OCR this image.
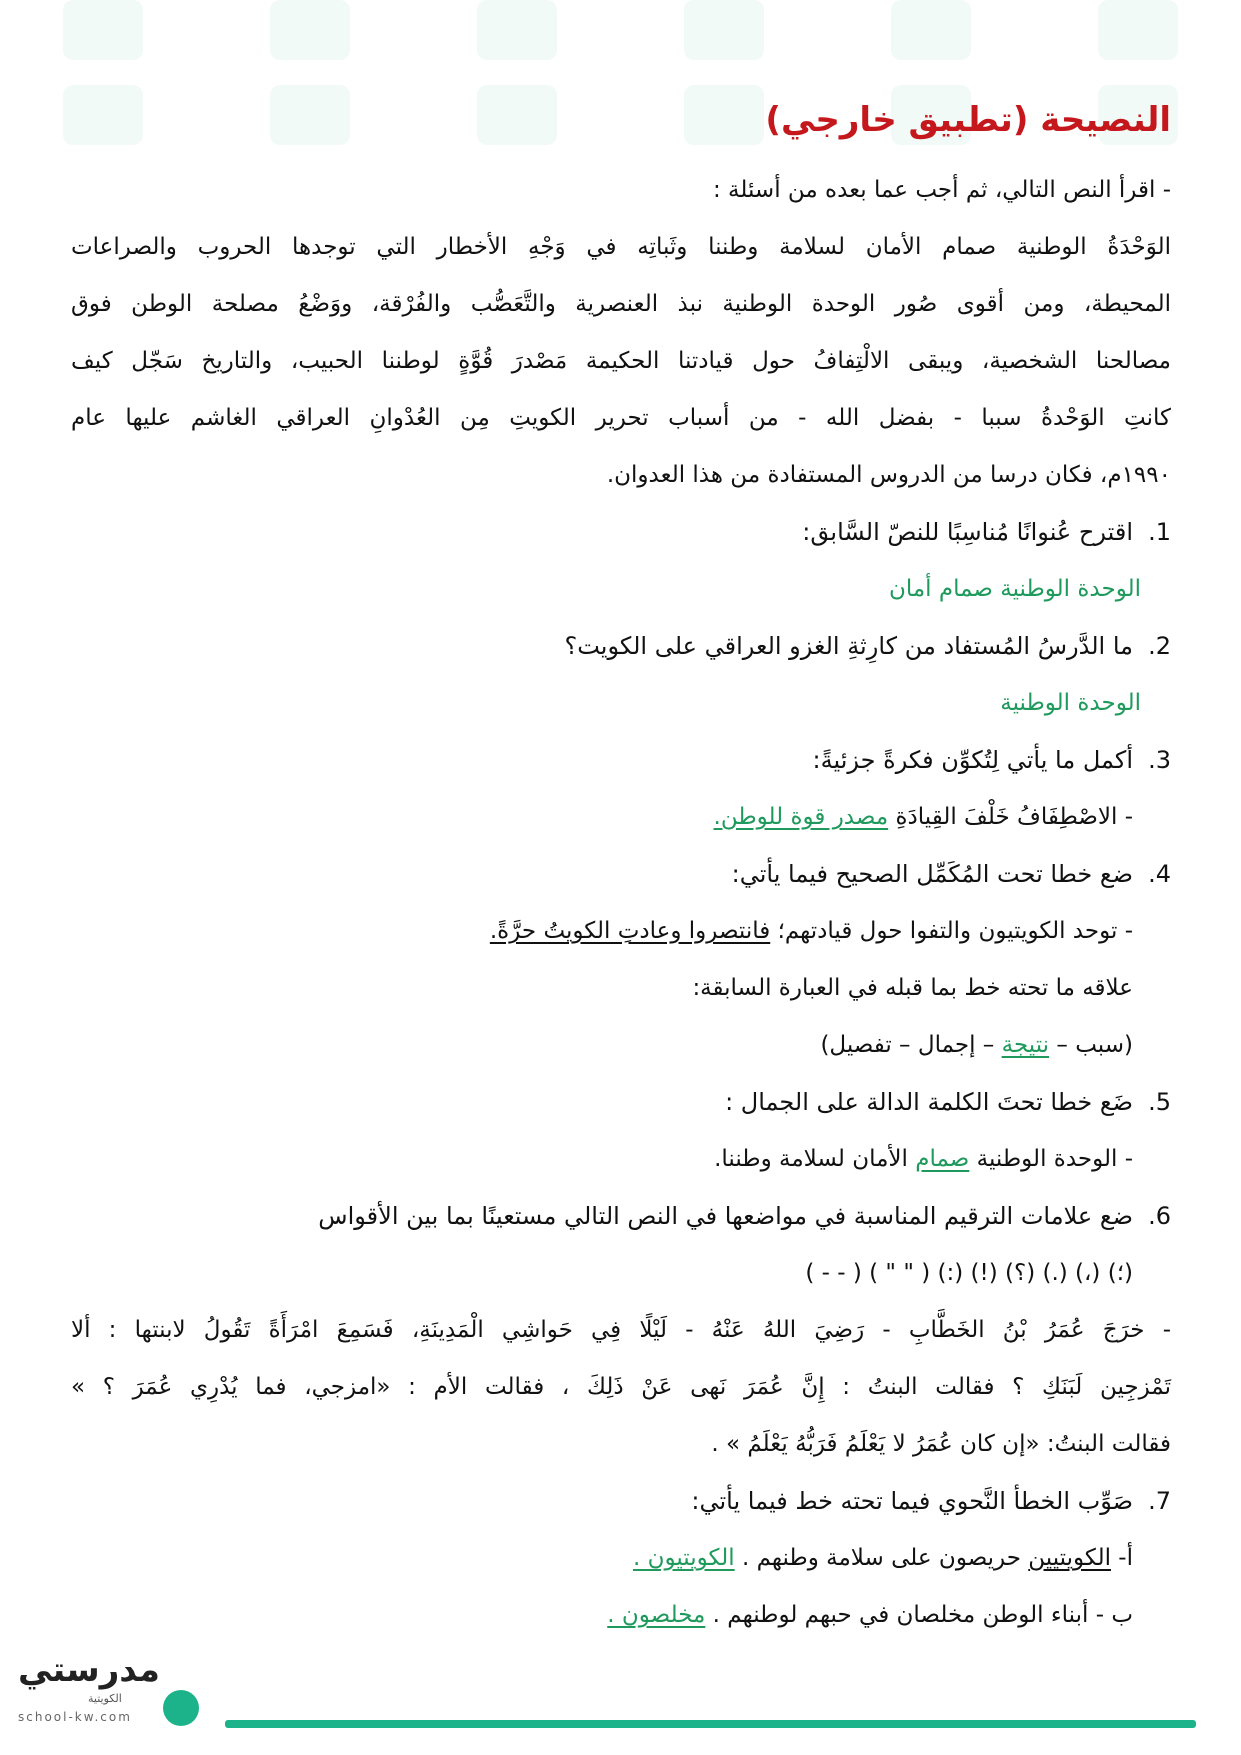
النصيحة (تطبيق خارجي)

- اقرأ النص التالي، ثم أجب عما بعده من أسئلة :

الوَحْدَةُ الوطنية صمام الأمان لسلامة وطننا وثَباتِه في وَجْهِ الأخطار التي توجدها الحروب والصراعات

المحيطة، ومن أقوى صُور الوحدة الوطنية نبذ العنصرية والتَّعَصُّب والفُرْقة، ووَضْعُ مصلحة الوطن فوق

مصالحنا الشخصية، ويبقى الالْتِفافُ حول قيادتنا الحكيمة مَصْدرَ قُوَّةٍ لوطننا الحبيب، والتاريخ سَجّل كيف

كانتِ الوَحْدةُ سببا - بفضل الله - من أسباب تحرير الكويتِ مِن العُدْوانِ العراقي الغاشم عليها عام

١٩٩٠م، فكان درسا من الدروس المستفادة من هذا العدوان.

1.اقترح عُنوانًا مُناسِبًا للنصّ السَّابق:

الوحدة الوطنية صمام أمان

2.ما الدَّرسُ المُستفاد من كارِثةِ الغزو العراقي على الكويت؟

الوحدة الوطنية

3.أكمل ما يأتي لِتُكوِّن فكرةً جزئيةً:

- الاصْطِفَافُ خَلْفَ القِيادَةِ مصدر قوة للوطن.

4.ضع خطا تحت المُكَمِّل الصحيح فيما يأتي:

- توحد الكويتيون والتفوا حول قيادتهم؛ فانتصروا وعادتِ الكويتُ حرَّةً.

علاقه ما تحته خط بما قبله في العبارة السابقة:

(سبب – نتيجة – إجمال – تفصيل)

5.ضَع خطا تحتَ الكلمة الدالة على الجمال :

- الوحدة الوطنية صمام الأمان لسلامة وطننا.

6.ضع علامات الترقيم المناسبة في مواضعها في النص التالي مستعينًا بما بين الأقواس

( - - ) ( " " ) (:) (!) (؟) (.) (،) (؛)

- خرَجَ عُمَرُ بْنُ الخَطَّابِ - رَضِيَ اللهُ عَنْهُ - لَيْلًا فِي حَواشِي الْمَدِينَةِ، فَسَمِعَ امْرَأَةً تَقُولُ لابنتها : ألا

تَمْزجِين لَبَنَكِ ؟ فقالت البنتُ : إِنَّ عُمَرَ نَهى عَنْ ذَلِكَ ، فقالت الأم : «امزجي، فما يُدْرِي عُمَرَ ؟ »

فقالت البنتُ: «إن كان عُمَرُ لا يَعْلَمُ فَرَبُّهُ يَعْلَمُ » .

7.صَوِّب الخطأ النَّحوي فيما تحته خط فيما يأتي:

أ- الكويتيين حريصون على سلامة وطنهم . الكويتيون .

ب - أبناء الوطن مخلصان في حبهم لوطنهم . مخلصون .

مدرستي
الكويتية
school-kw.com
